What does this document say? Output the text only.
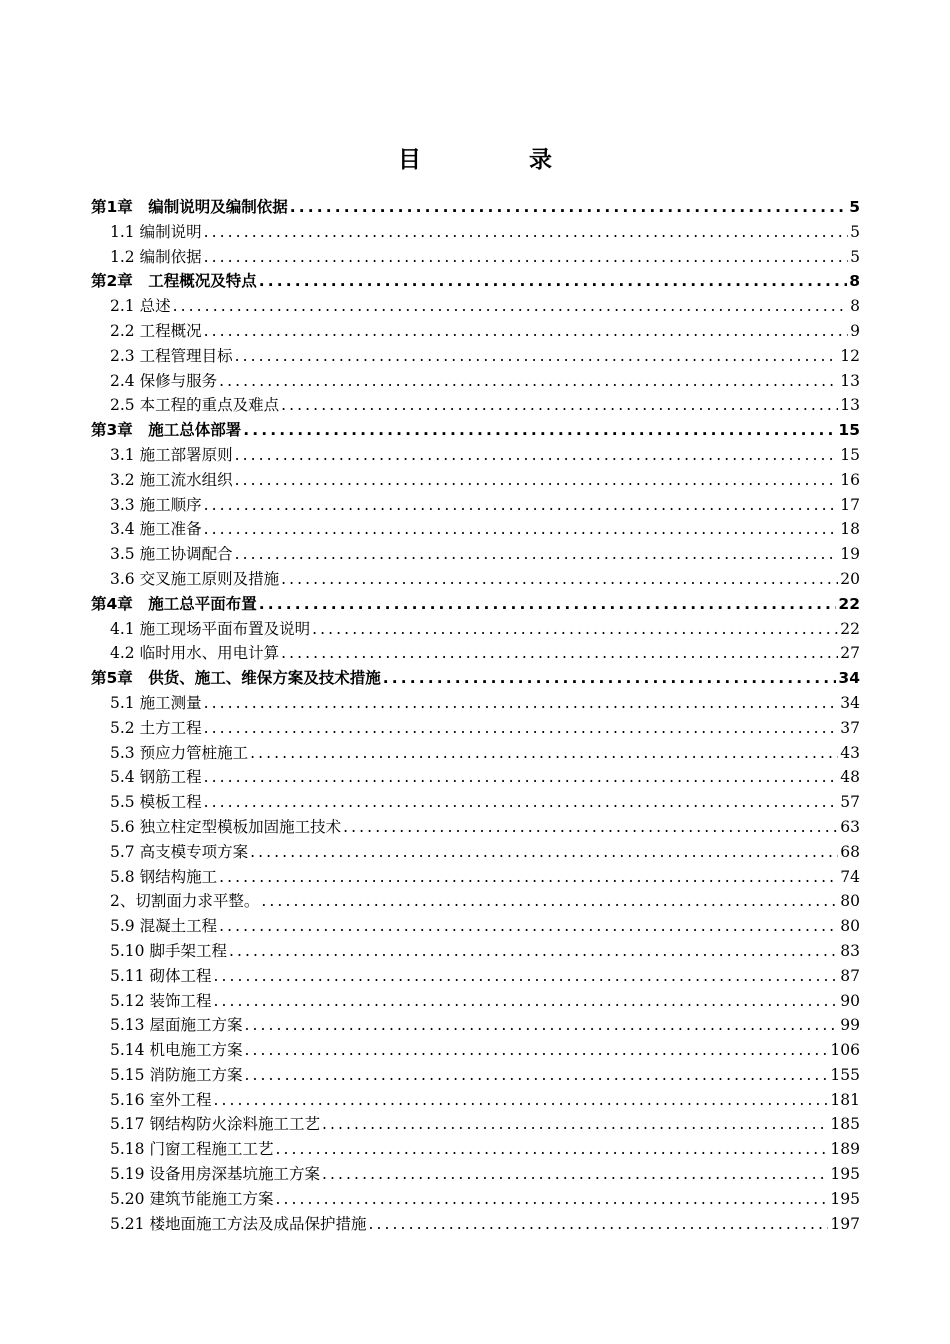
目 录
第1章　编制说明及编制依据 .....	5
1.1 编制说明 .....	5
1.2 编制依据 .....	5
第2章　工程概况及特点 .....	8
2.1 总述 .....	8
2.2 工程概况 .....	9
2.3 工程管理目标 .....	12
2.4 保修与服务 .....	13
2.5 本工程的重点及难点 .....	13
第3章　施工总体部署 .....	15
3.1 施工部署原则 .....	15
3.2 施工流水组织 .....	16
3.3 施工顺序 .....	17
3.4 施工准备 .....	18
3.5 施工协调配合 .....	19
3.6 交叉施工原则及措施 .....	20
第4章　施工总平面布置 .....	22
4.1 施工现场平面布置及说明 .....	22
4.2 临时用水、用电计算 .....	27
第5章　供货、施工、维保方案及技术措施 .....	34
5.1 施工测量 .....	34
5.2 土方工程 .....	37
5.3 预应力管桩施工 .....	43
5.4 钢筋工程 .....	48
5.5 模板工程 .....	57
5.6 独立柱定型模板加固施工技术 .....	63
5.7 高支模专项方案 .....	68
5.8 钢结构施工 .....	74
2、切割面力求平整。 .....	80
5.9 混凝土工程 .....	80
5.10 脚手架工程 .....	83
5.11 砌体工程 .....	87
5.12 装饰工程 .....	90
5.13 屋面施工方案 .....	99
5.14 机电施工方案 .....	106
5.15 消防施工方案 .....	155
5.16 室外工程 .....	181
5.17 钢结构防火涂料施工工艺 .....	185
5.18 门窗工程施工工艺 .....	189
5.19 设备用房深基坑施工方案 .....	195
5.20 建筑节能施工方案 .....	195
5.21 楼地面施工方法及成品保护措施 .....	197
